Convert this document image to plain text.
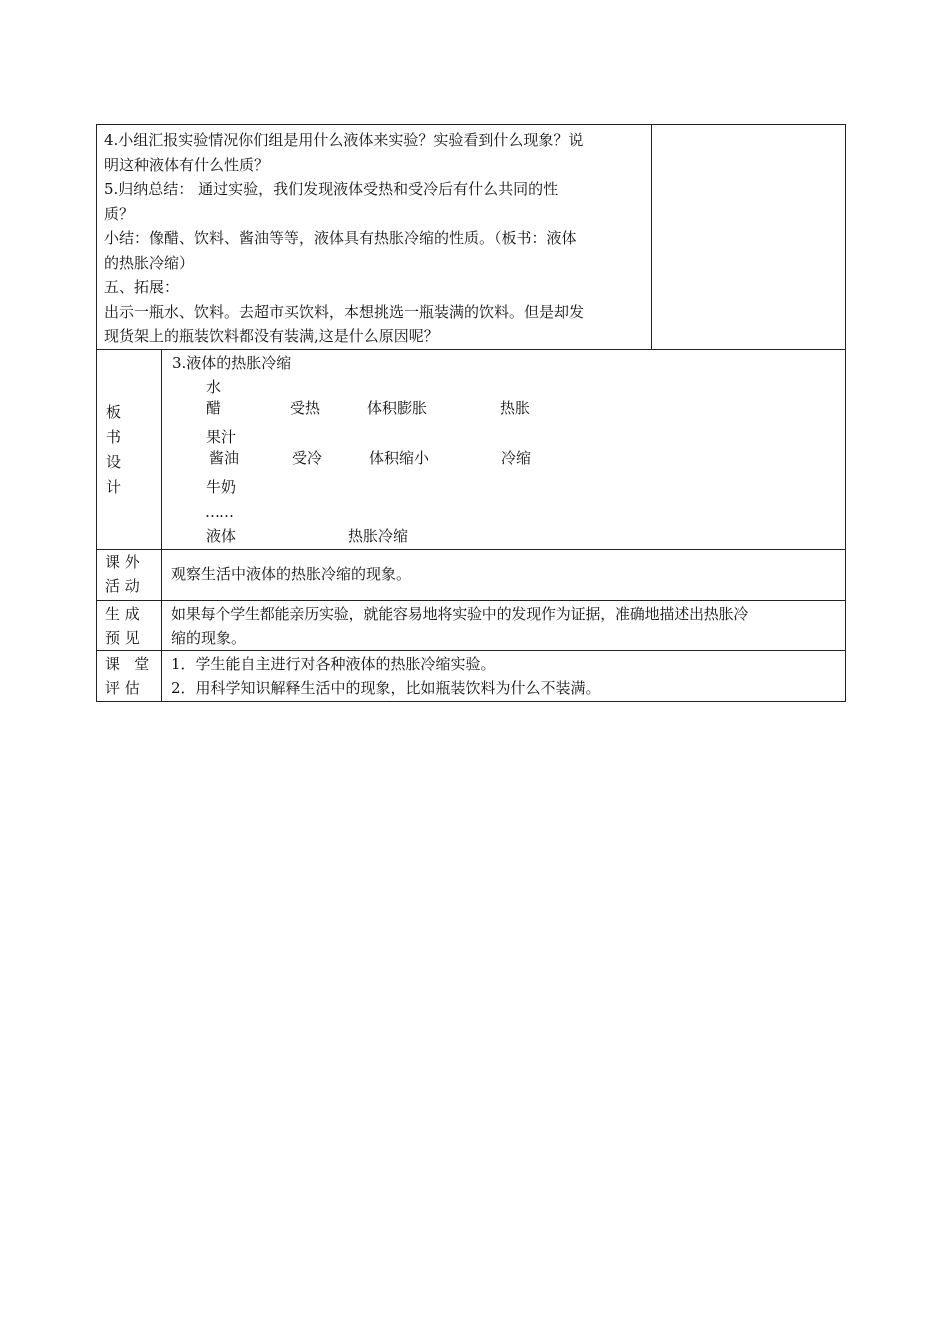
4.小组汇报实验情况你们组是用什么液体来实验？实验看到什么现象？说
明这种液体有什么性质？
5.归纳总结： 通过实验，我们发现液体受热和受冷后有什么共同的性
质？
小结：像醋、饮料、酱油等等，液体具有热胀冷缩的性质。（板书：液体
的热胀冷缩）
五、拓展：
出示一瓶水、饮料。去超市买饮料，本想挑选一瓶装满的饮料。但是却发
现货架上的瓶装饮料都没有装满,这是什么原因呢？
板
书
设
计
3.液体的热胀冷缩
水
醋	受热	体积膨胀	热胀
果汁
酱油	受冷	体积缩小	冷缩
牛奶
……
液体	热胀冷缩
课 外
活 动
观察生活中液体的热胀冷缩的现象。
生 成
预 见
如果每个学生都能亲历实验，就能容易地将实验中的发现作为证据，准确地描述出热胀冷
缩的现象。
课   堂
评 估
1．学生能自主进行对各种液体的热胀冷缩实验。
2．用科学知识解释生活中的现象，比如瓶装饮料为什么不装满。
